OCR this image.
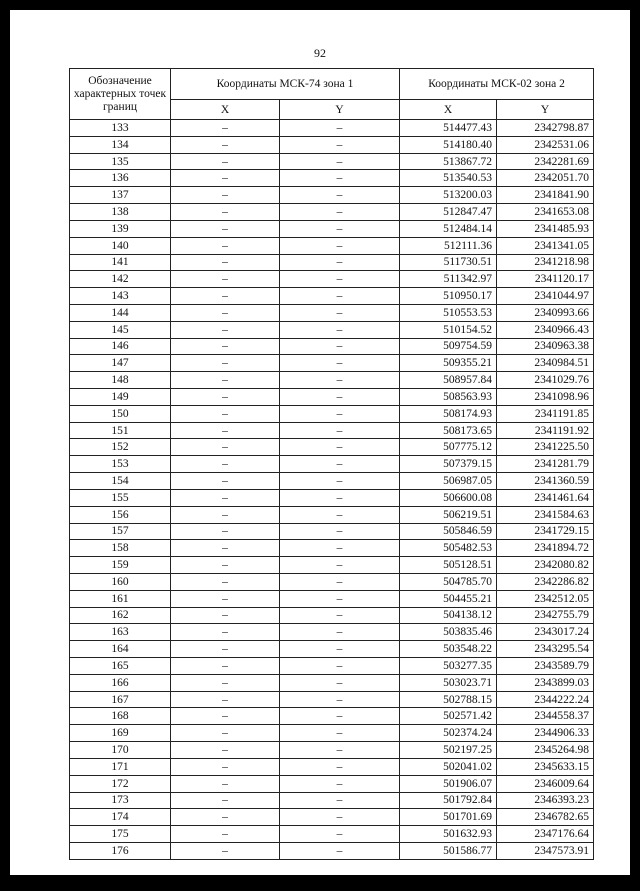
92
Обозначение характерных точек границ	Координаты МСК-74 зона 1		Координаты МСК-02 зона 2	
	X	Y	X	Y
133	–	–	514477.43	2342798.87
134	–	–	514180.40	2342531.06
135	–	–	513867.72	2342281.69
136	–	–	513540.53	2342051.70
137	–	–	513200.03	2341841.90
138	–	–	512847.47	2341653.08
139	–	–	512484.14	2341485.93
140	–	–	512111.36	2341341.05
141	–	–	511730.51	2341218.98
142	–	–	511342.97	2341120.17
143	–	–	510950.17	2341044.97
144	–	–	510553.53	2340993.66
145	–	–	510154.52	2340966.43
146	–	–	509754.59	2340963.38
147	–	–	509355.21	2340984.51
148	–	–	508957.84	2341029.76
149	–	–	508563.93	2341098.96
150	–	–	508174.93	2341191.85
151	–	–	508173.65	2341191.92
152	–	–	507775.12	2341225.50
153	–	–	507379.15	2341281.79
154	–	–	506987.05	2341360.59
155	–	–	506600.08	2341461.64
156	–	–	506219.51	2341584.63
157	–	–	505846.59	2341729.15
158	–	–	505482.53	2341894.72
159	–	–	505128.51	2342080.82
160	–	–	504785.70	2342286.82
161	–	–	504455.21	2342512.05
162	–	–	504138.12	2342755.79
163	–	–	503835.46	2343017.24
164	–	–	503548.22	2343295.54
165	–	–	503277.35	2343589.79
166	–	–	503023.71	2343899.03
167	–	–	502788.15	2344222.24
168	–	–	502571.42	2344558.37
169	–	–	502374.24	2344906.33
170	–	–	502197.25	2345264.98
171	–	–	502041.02	2345633.15
172	–	–	501906.07	2346009.64
173	–	–	501792.84	2346393.23
174	–	–	501701.69	2346782.65
175	–	–	501632.93	2347176.64
176	–	–	501586.77	2347573.91
